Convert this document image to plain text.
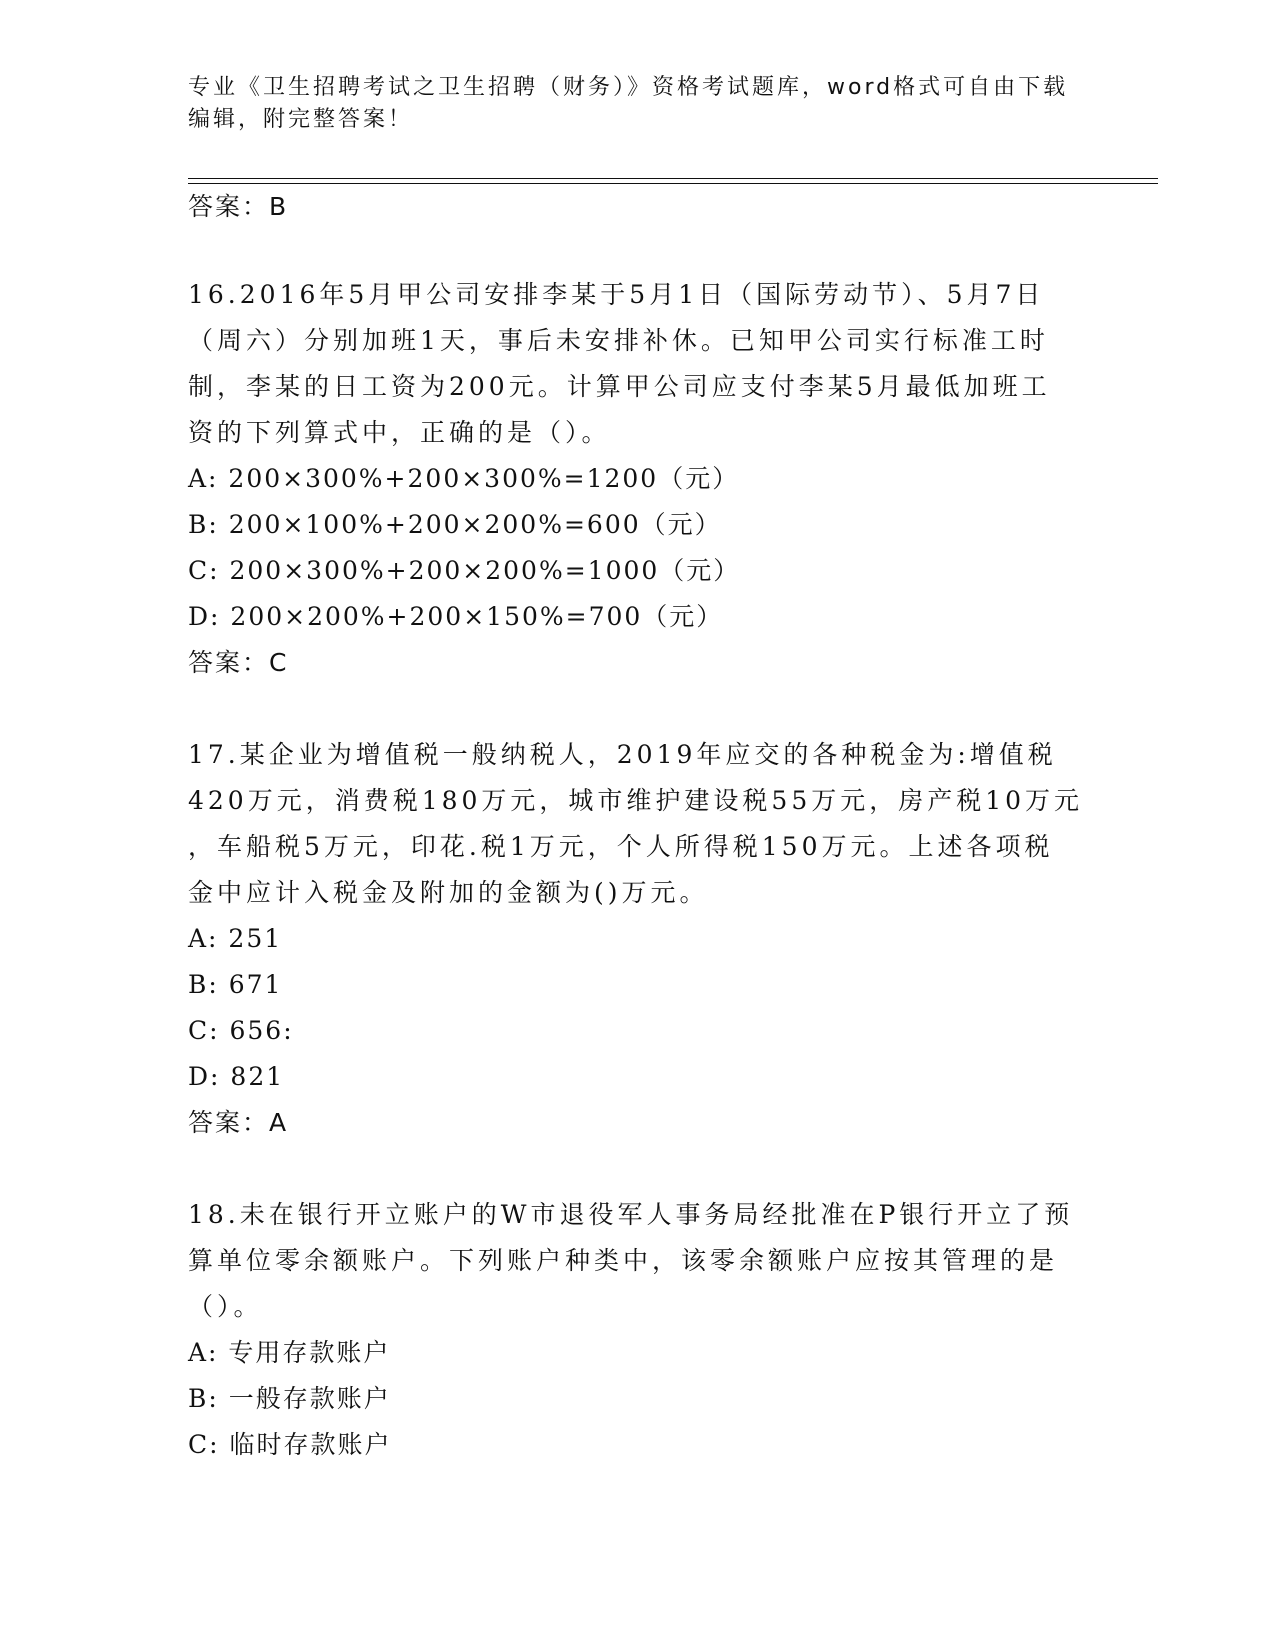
专业《卫生招聘考试之卫生招聘（财务）》资格考试题库，word格式可自由下载
编辑，附完整答案！
答案：B
16.2016年5月甲公司安排李某于5月1日（国际劳动节）、5月7日
（周六）分别加班1天，事后未安排补休。已知甲公司实行标准工时
制，李某的日工资为200元。计算甲公司应支付李某5月最低加班工
资的下列算式中，正确的是（）。
A: 200×300%+200×300%=1200（元）
B: 200×100%+200×200%=600（元）
C: 200×300%+200×200%=1000（元）
D: 200×200%+200×150%=700（元）
答案：C
17.某企业为增值税一般纳税人，2019年应交的各种税金为:增值税
420万元，消费税180万元，城市维护建设税55万元，房产税10万元
，车船税5万元，印花.税1万元，个人所得税150万元。上述各项税
金中应计入税金及附加的金额为()万元。
A: 251
B: 671
C: 656:
D: 821
答案：A
18.未在银行开立账户的W市退役军人事务局经批准在P银行开立了预
算单位零余额账户。下列账户种类中，该零余额账户应按其管理的是
（）。
A: 专用存款账户
B: 一般存款账户
C: 临时存款账户
